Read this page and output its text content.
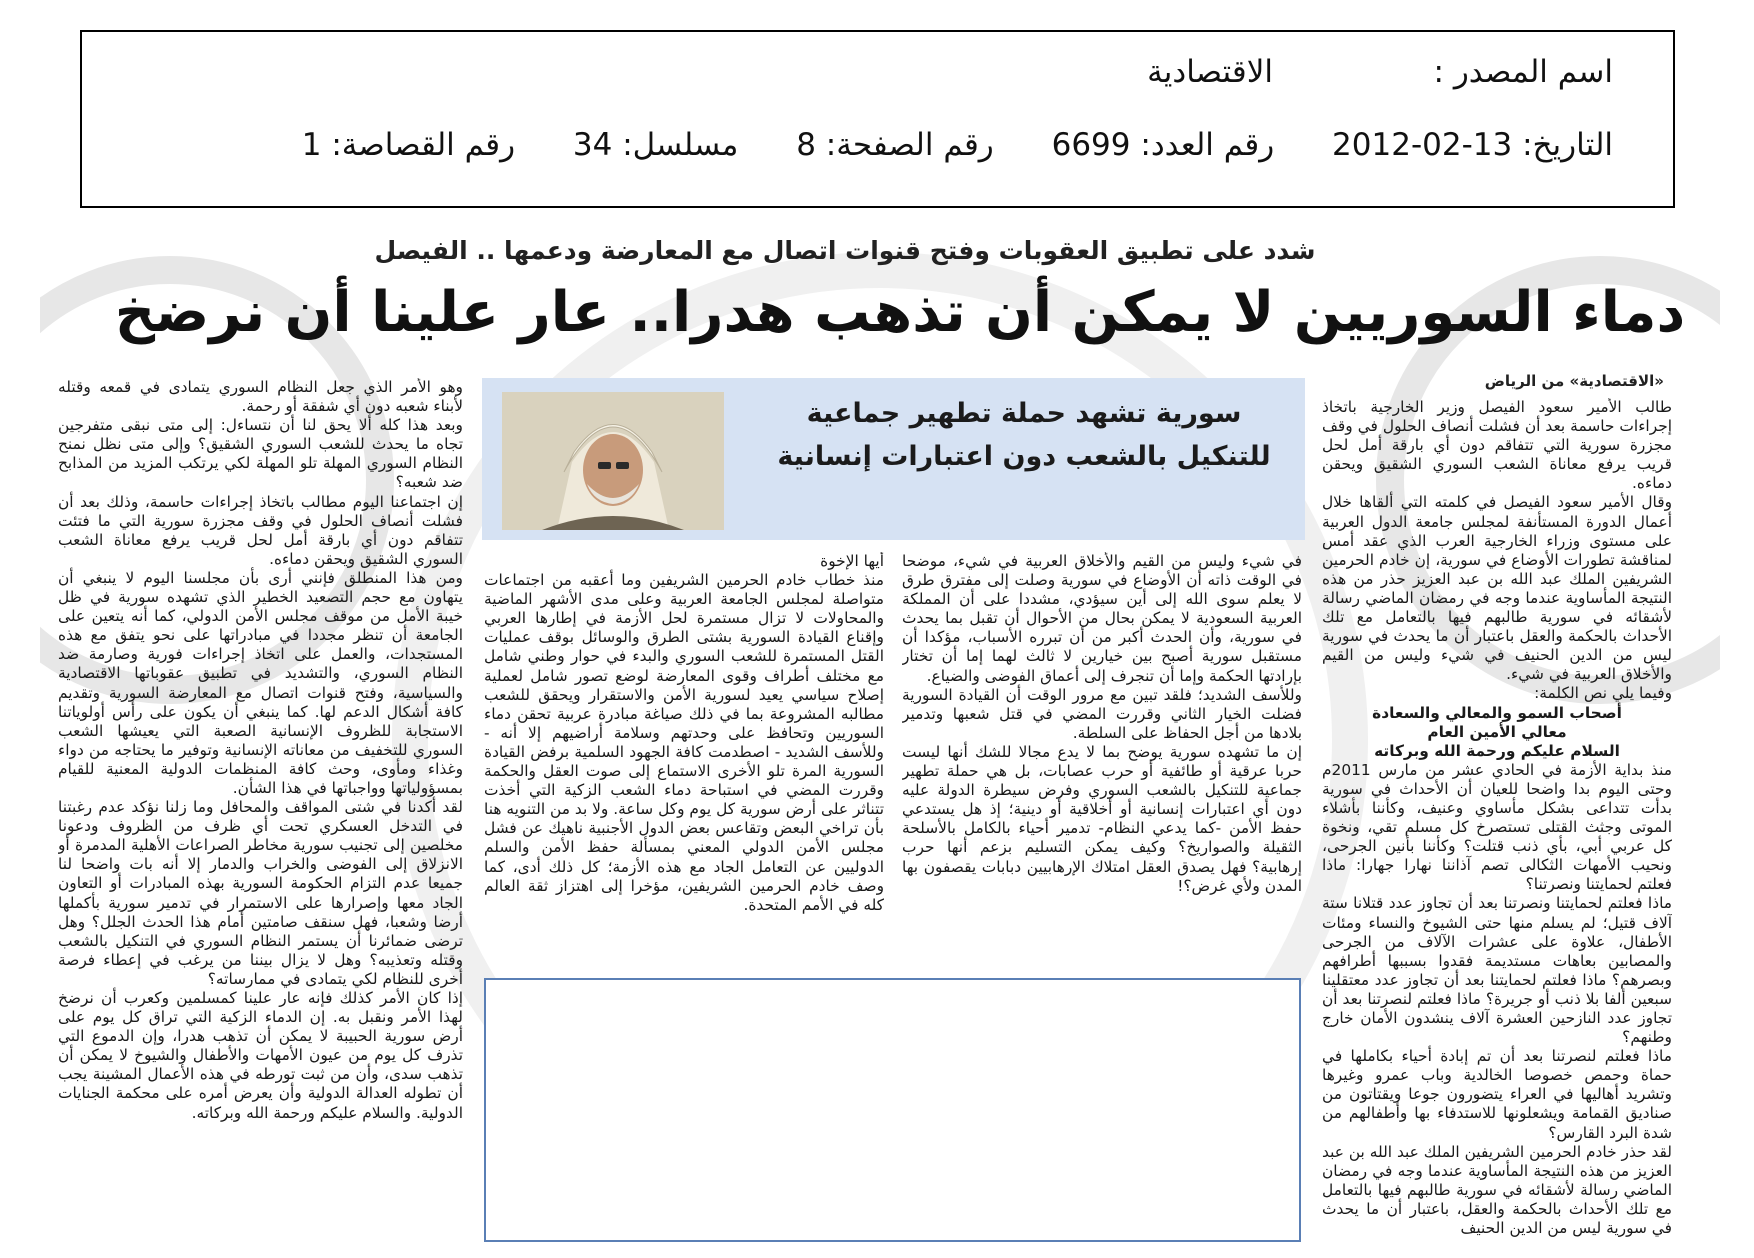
اسم المصدر :
الاقتصادية
التاريخ: 13-02-2012 رقم العدد: 6699 رقم الصفحة: 8 مسلسل: 34 رقم القصاصة: 1
شدد على تطبيق العقوبات وفتح قنوات اتصال مع المعارضة ودعمها .. الفيصل
دماء السوريين لا يمكن أن تذهب هدرا.. عار علينا أن نرضخ
«الاقتصادية» من الرياض
سورية تشهد حملة تطهير جماعية للتنكيل بالشعب دون اعتبارات إنسانية

طالب الأمير سعود الفيصل وزير الخارجية باتخاذ إجراءات حاسمة بعد أن فشلت أنصاف الحلول في وقف مجزرة سورية التي تتفاقم دون أي بارقة أمل لحل قريب يرفع معاناة الشعب السوري الشقيق ويحقن دماءه.

وقال الأمير سعود الفيصل في كلمته التي ألقاها خلال أعمال الدورة المستأنفة لمجلس جامعة الدول العربية على مستوى وزراء الخارجية العرب الذي عقد أمس لمناقشة تطورات الأوضاع في سورية، إن خادم الحرمين الشريفين الملك عبد الله بن عبد العزيز حذر من هذه النتيجة المأساوية عندما وجه في رمضان الماضي رسالة لأشقائه في سورية طالبهم فيها بالتعامل مع تلك الأحداث بالحكمة والعقل باعتبار أن ما يحدث في سورية ليس من الدين الحنيف في شيء وليس من القيم والأخلاق العربية في شيء.

وفيما يلي نص الكلمة:

أصحاب السمو والمعالي والسعادة

معالي الأمين العام

السلام عليكم ورحمة الله وبركاته

منذ بداية الأزمة في الحادي عشر من مارس 2011م وحتى اليوم بدا واضحا للعيان أن الأحداث في سورية بدأت تتداعى بشكل مأساوي وعنيف، وكأننا بأشلاء الموتى وجثث القتلى تستصرخ كل مسلم تقي، ونخوة كل عربي أبي، بأي ذنب قتلت؟ وكأننا بأنين الجرحى، ونحيب الأمهات الثكالى تصم آذاننا نهارا جهارا: ماذا فعلتم لحمايتنا ونصرتنا؟

ماذا فعلتم لحمايتنا ونصرتنا بعد أن تجاوز عدد قتلانا ستة آلاف قتيل؛ لم يسلم منها حتى الشيوخ والنساء ومئات الأطفال، علاوة على عشرات الآلاف من الجرحى والمصابين بعاهات مستديمة فقدوا بسببها أطرافهم وبصرهم؟ ماذا فعلتم لحمايتنا بعد أن تجاوز عدد معتقلينا سبعين ألفا بلا ذنب أو جريرة؟ ماذا فعلتم لنصرتنا بعد أن تجاوز عدد النازحين العشرة آلاف ينشدون الأمان خارج وطنهم؟

ماذا فعلتم لنصرتنا بعد أن تم إبادة أحياء بكاملها في حماة وحمص خصوصا الخالدية وباب عمرو وغيرها وتشريد أهاليها في العراء يتضورون جوعا ويقتاتون من صناديق القمامة ويشعلونها للاستدفاء بها وأطفالهم من شدة البرد القارس؟

لقد حذر خادم الحرمين الشريفين الملك عبد الله بن عبد العزيز من هذه النتيجة المأساوية عندما وجه في رمضان الماضي رسالة لأشقائه في سورية طالبهم فيها بالتعامل مع تلك الأحداث بالحكمة والعقل، باعتبار أن ما يحدث في سورية ليس من الدين الحنيف

في شيء وليس من القيم والأخلاق العربية في شيء، موضحا في الوقت ذاته أن الأوضاع في سورية وصلت إلى مفترق طرق لا يعلم سوى الله إلى أين سيؤدي، مشددا على أن المملكة العربية السعودية لا يمكن بحال من الأحوال أن تقبل بما يحدث في سورية، وأن الحدث أكبر من أن تبرره الأسباب، مؤكدا أن مستقبل سورية أصبح بين خيارين لا ثالث لهما إما أن تختار بإرادتها الحكمة وإما أن تنجرف إلى أعماق الفوضى والضياع.

وللأسف الشديد؛ فلقد تبين مع مرور الوقت أن القيادة السورية فضلت الخيار الثاني وقررت المضي في قتل شعبها وتدمير بلادها من أجل الحفاظ على السلطة.

إن ما تشهده سورية يوضح بما لا يدع مجالا للشك أنها ليست حربا عرقية أو طائفية أو حرب عصابات، بل هي حملة تطهير جماعية للتنكيل بالشعب السوري وفرض سيطرة الدولة عليه دون أي اعتبارات إنسانية أو أخلاقية أو دينية؛ إذ هل يستدعي حفظ الأمن -كما يدعي النظام- تدمير أحياء بالكامل بالأسلحة الثقيلة والصواريخ؟ وكيف يمكن التسليم بزعم أنها حرب إرهابية؟ فهل يصدق العقل امتلاك الإرهابيين دبابات يقصفون بها المدن ولأي غرض؟!

أيها الإخوة

منذ خطاب خادم الحرمين الشريفين وما أعقبه من اجتماعات متواصلة لمجلس الجامعة العربية وعلى مدى الأشهر الماضية والمحاولات لا تزال مستمرة لحل الأزمة في إطارها العربي وإقناع القيادة السورية بشتى الطرق والوسائل بوقف عمليات القتل المستمرة للشعب السوري والبدء في حوار وطني شامل مع مختلف أطراف وقوى المعارضة لوضع تصور شامل لعملية إصلاح سياسي يعيد لسورية الأمن والاستقرار ويحقق للشعب مطالبه المشروعة بما في ذلك صياغة مبادرة عربية تحقن دماء السوريين وتحافظ على وحدتهم وسلامة أراضيهم إلا أنه - وللأسف الشديد - اصطدمت كافة الجهود السلمية برفض القيادة السورية المرة تلو الأخرى الاستماع إلى صوت العقل والحكمة وقررت المضي في استباحة دماء الشعب الزكية التي أخذت تتناثر على أرض سورية كل يوم وكل ساعة. ولا بد من التنويه هنا بأن تراخي البعض وتقاعس بعض الدول الأجنبية ناهيك عن فشل مجلس الأمن الدولي المعني بمسألة حفظ الأمن والسلم الدوليين عن التعامل الجاد مع هذه الأزمة؛ كل ذلك أدى، كما وصف خادم الحرمين الشريفين، مؤخرا إلى اهتزاز ثقة العالم كله في الأمم المتحدة.

وهو الأمر الذي جعل النظام السوري يتمادى في قمعه وقتله لأبناء شعبه دون أي شفقة أو رحمة.

وبعد هذا كله ألا يحق لنا أن نتساءل: إلى متى نبقى متفرجين تجاه ما يحدث للشعب السوري الشقيق؟ وإلى متى نظل نمنح النظام السوري المهلة تلو المهلة لكي يرتكب المزيد من المذابح ضد شعبه؟

إن اجتماعنا اليوم مطالب باتخاذ إجراءات حاسمة، وذلك بعد أن فشلت أنصاف الحلول في وقف مجزرة سورية التي ما فتئت تتفاقم دون أي بارقة أمل لحل قريب يرفع معاناة الشعب السوري الشقيق ويحقن دماءه.

ومن هذا المنطلق فإنني أرى بأن مجلسنا اليوم لا ينبغي أن يتهاون مع حجم التصعيد الخطير الذي تشهده سورية في ظل خيبة الأمل من موقف مجلس الأمن الدولي، كما أنه يتعين على الجامعة أن تنظر مجددا في مبادراتها على نحو يتفق مع هذه المستجدات، والعمل على اتخاذ إجراءات فورية وصارمة ضد النظام السوري، والتشديد في تطبيق عقوباتها الاقتصادية والسياسية، وفتح قنوات اتصال مع المعارضة السورية وتقديم كافة أشكال الدعم لها. كما ينبغي أن يكون على رأس أولوياتنا الاستجابة للظروف الإنسانية الصعبة التي يعيشها الشعب السوري للتخفيف من معاناته الإنسانية وتوفير ما يحتاجه من دواء وغذاء ومأوى، وحث كافة المنظمات الدولية المعنية للقيام بمسؤولياتها وواجباتها في هذا الشأن.

لقد أكدنا في شتى المواقف والمحافل وما زلنا نؤكد عدم رغبتنا في التدخل العسكري تحت أي ظرف من الظروف ودعونا مخلصين إلى تجنيب سورية مخاطر الصراعات الأهلية المدمرة أو الانزلاق إلى الفوضى والخراب والدمار إلا أنه بات واضحا لنا جميعا عدم التزام الحكومة السورية بهذه المبادرات أو التعاون الجاد معها وإصرارها على الاستمرار في تدمير سورية بأكملها أرضا وشعبا، فهل سنقف صامتين أمام هذا الحدث الجلل؟ وهل ترضى ضمائرنا أن يستمر النظام السوري في التنكيل بالشعب وقتله وتعذيبه؟ وهل لا يزال بيننا من يرغب في إعطاء فرصة أخرى للنظام لكي يتمادى في ممارساته؟

إذا كان الأمر كذلك فإنه عار علينا كمسلمين وكعرب أن نرضخ لهذا الأمر ونقبل به. إن الدماء الزكية التي تراق كل يوم على أرض سورية الحبيبة لا يمكن أن تذهب هدرا، وإن الدموع التي تذرف كل يوم من عيون الأمهات والأطفال والشيوخ لا يمكن أن تذهب سدى، وأن من ثبت تورطه في هذه الأعمال المشينة يجب أن تطوله العدالة الدولية وأن يعرض أمره على محكمة الجنايات الدولية. والسلام عليكم ورحمة الله وبركاته.
